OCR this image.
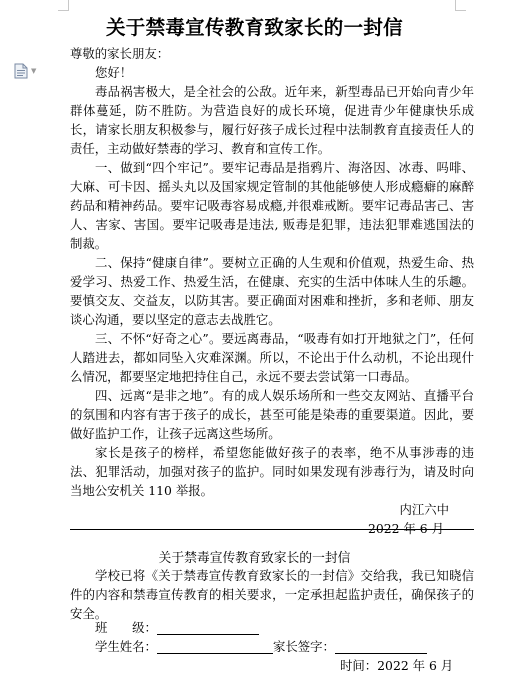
▼
关于禁毒宣传教育致家长的一封信

尊敬的家长朋友：

您好！

毒品祸害极大，是全社会的公敌。近年来，新型毒品已开始向青少年群体蔓延，防不胜防。为营造良好的成长环境，促进青少年健康快乐成长，请家长朋友积极参与，履行好孩子成长过程中法制教育直接责任人的责任，主动做好禁毒的学习、教育和宣传工作。

一、做到“四个牢记”。要牢记毒品是指鸦片、海洛因、冰毒、吗啡、大麻、可卡因、摇头丸以及国家规定管制的其他能够使人形成瘾癖的麻醉药品和精神药品。要牢记吸毒容易成瘾,并很难戒断。要牢记毒品害己、害人、害家、害国。要牢记吸毒是违法, 贩毒是犯罪，违法犯罪难逃国法的制裁。

二、保持“健康自律”。要树立正确的人生观和价值观，热爱生命、热爱学习、热爱工作、热爱生活，在健康、充实的生活中体味人生的乐趣。要慎交友、交益友，以防其害。要正确面对困难和挫折，多和老师、朋友谈心沟通，要以坚定的意志去战胜它。

三、不怀“好奇之心”。要远离毒品，“吸毒有如打开地狱之门”，任何人踏进去，都如同坠入灾难深渊。所以，不论出于什么动机，不论出现什么情况，都要坚定地把持住自己，永远不要去尝试第一口毒品。

四、远离“是非之地”。有的成人娱乐场所和一些交友网站、直播平台的氛围和内容有害于孩子的成长，甚至可能是染毒的重要渠道。因此，要做好监护工作，让孩子远离这些场所。

家长是孩子的榜样，希望您能做好孩子的表率，绝不从事涉毒的违法、犯罪活动，加强对孩子的监护。同时如果发现有涉毒行为，请及时向当地公安机关 110 举报。

内江六中

2022 年 6 月

关于禁毒宣传教育致家长的一封信

学校已将《关于禁毒宣传教育致家长的一封信》交给我，我已知晓信件的内容和禁毒宣传教育的相关要求，一定承担起监护责任，确保孩子的安全。

班　　级：
学生姓名：	家长签字：
时间：2022 年 6 月
